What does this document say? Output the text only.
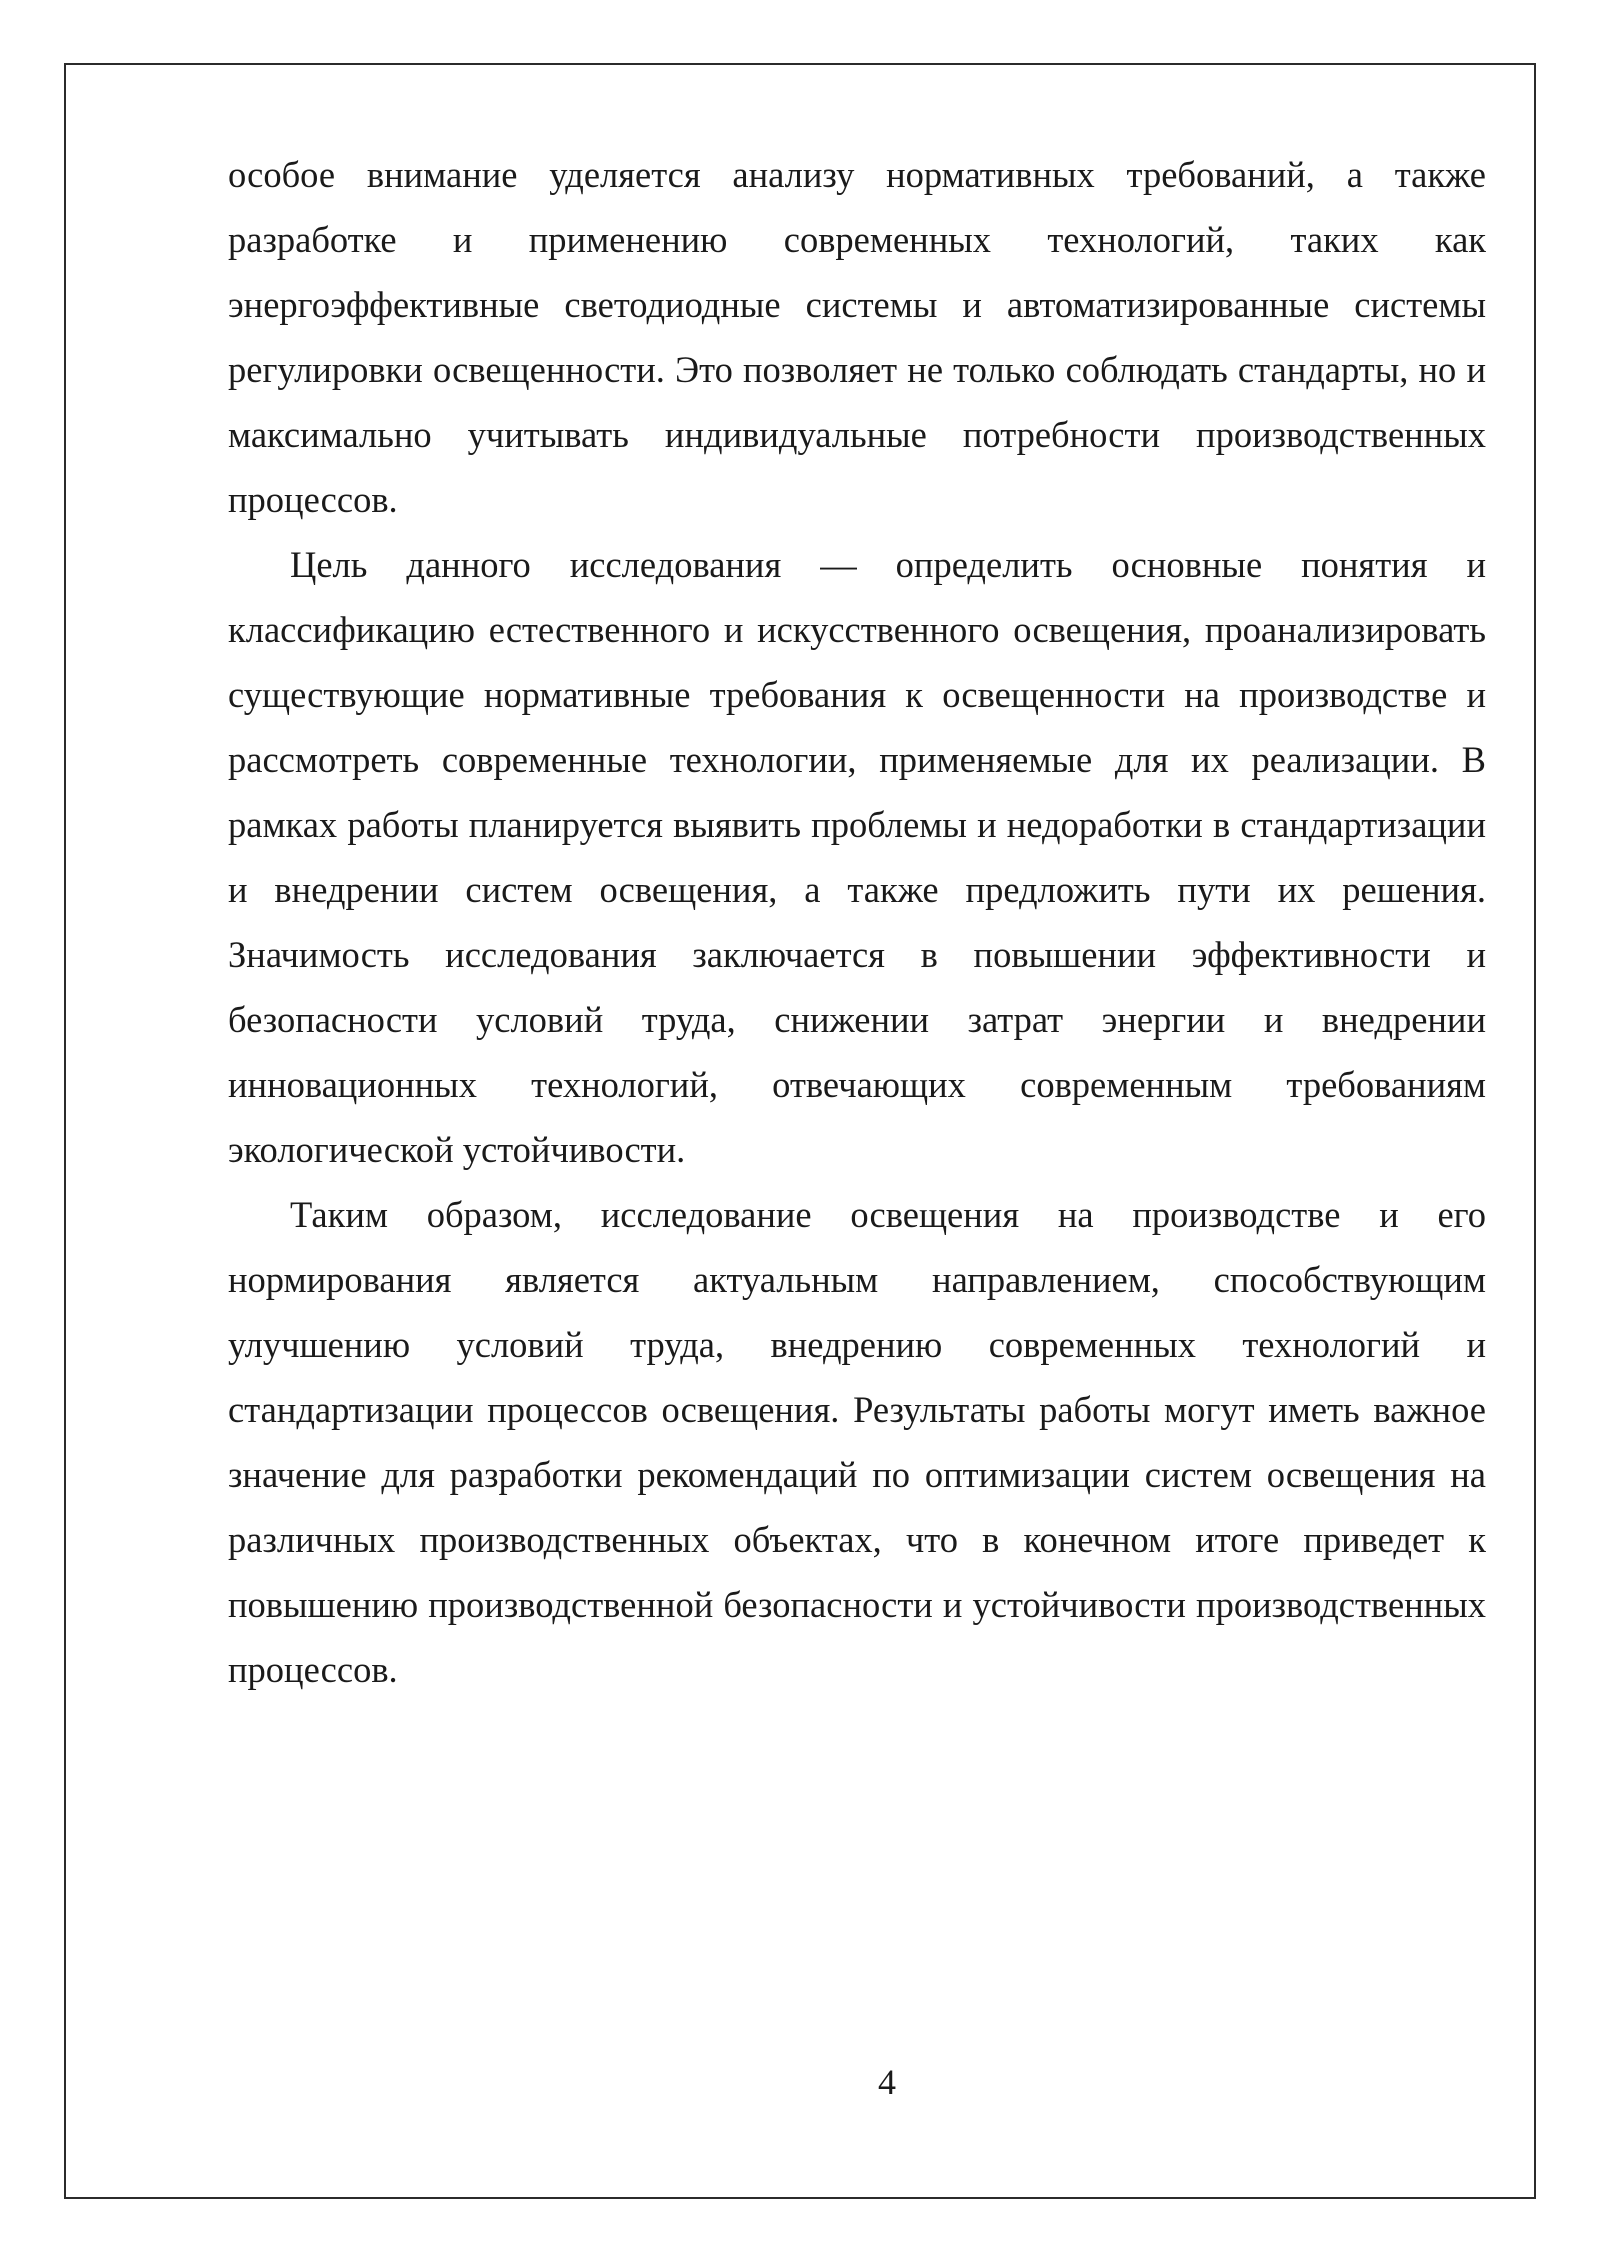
особое внимание уделяется анализу нормативных требований, а также разработке и применению современных технологий, таких как энергоэффективные светодиодные системы и автоматизированные системы регулировки освещенности. Это позволяет не только соблюдать стандарты, но и максимально учитывать индивидуальные потребности производственных процессов.

Цель данного исследования — определить основные понятия и классификацию естественного и искусственного освещения, проанализировать существующие нормативные требования к освещенности на производстве и рассмотреть современные технологии, применяемые для их реализации. В рамках работы планируется выявить проблемы и недоработки в стандартизации и внедрении систем освещения, а также предложить пути их решения. Значимость исследования заключается в повышении эффективности и безопасности условий труда, снижении затрат энергии и внедрении инновационных технологий, отвечающих современным требованиям экологической устойчивости.

Таким образом, исследование освещения на производстве и его нормирования является актуальным направлением, способствующим улучшению условий труда, внедрению современных технологий и стандартизации процессов освещения. Результаты работы могут иметь важное значение для разработки рекомендаций по оптимизации систем освещения на различных производственных объектах, что в конечном итоге приведет к повышению производственной безопасности и устойчивости производственных процессов.

4
